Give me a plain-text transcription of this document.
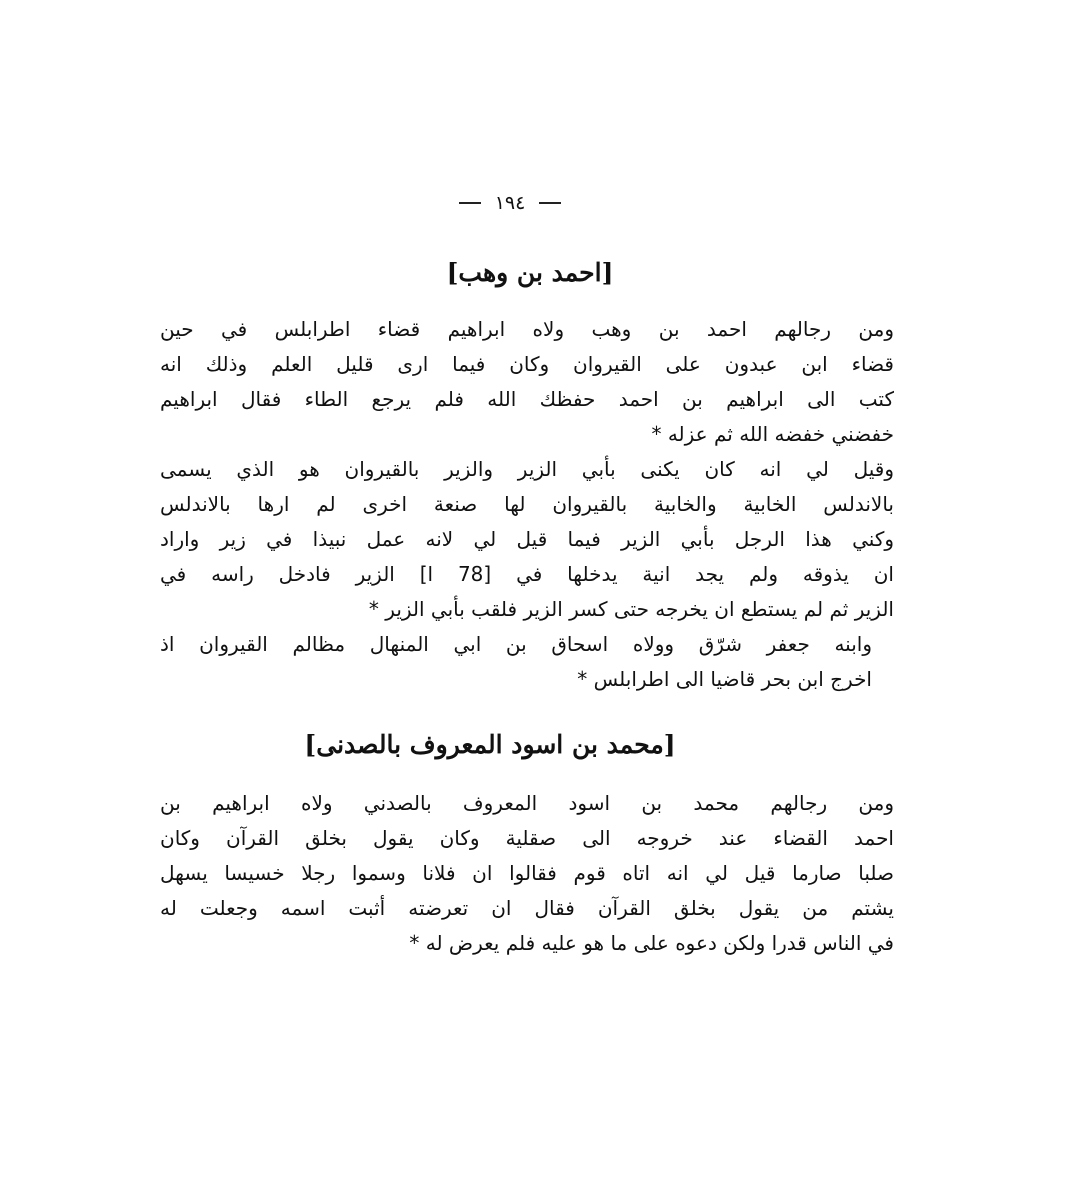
١٩٤
[احمد بن وهب]
ومن رجالهم احمد بن وهب ولاه ابراهيم قضاء اطرابلس في حين
قضاء ابن عبدون على القيروان وكان فيما ارى قليل العلم وذلك انه
كتب الى ابراهيم بن احمد حفظك الله فلم يرجع الطاء فقال ابراهيم
خفضني خفضه الله ثم عزله *
وقيل لي انه كان يكنى بأبي الزير والزير بالقيروان هو الذي يسمى
بالاندلس الخابية والخابية بالقيروان لها صنعة اخرى لم ارها بالاندلس
وكني هذا الرجل بأبي الزير فيما قيل لي لانه عمل نبيذا في زير واراد
ان يذوقه ولم يجد انية يدخلها في [78 ا] الزير فادخل راسه في
الزير ثم لم يستطع ان يخرجه حتى كسر الزير فلقب بأبي الزير *
وابنه جعفر شرّق وولاه اسحاق بن ابي المنهال مظالم القيروان اذ
اخرج ابن بحر قاضيا الى اطرابلس *
[محمد بن اسود المعروف بالصدنى]
ومن رجالهم محمد بن اسود المعروف بالصدني ولاه ابراهيم بن
احمد القضاء عند خروجه الى صقلية وكان يقول بخلق القرآن وكان
صلبا صارما قيل لي انه اتاه قوم فقالوا ان فلانا وسموا رجلا خسيسا يسهل
يشتم من يقول بخلق القرآن فقال ان تعرضته أثبت اسمه وجعلت له
في الناس قدرا ولكن دعوه على ما هو عليه فلم يعرض له *
